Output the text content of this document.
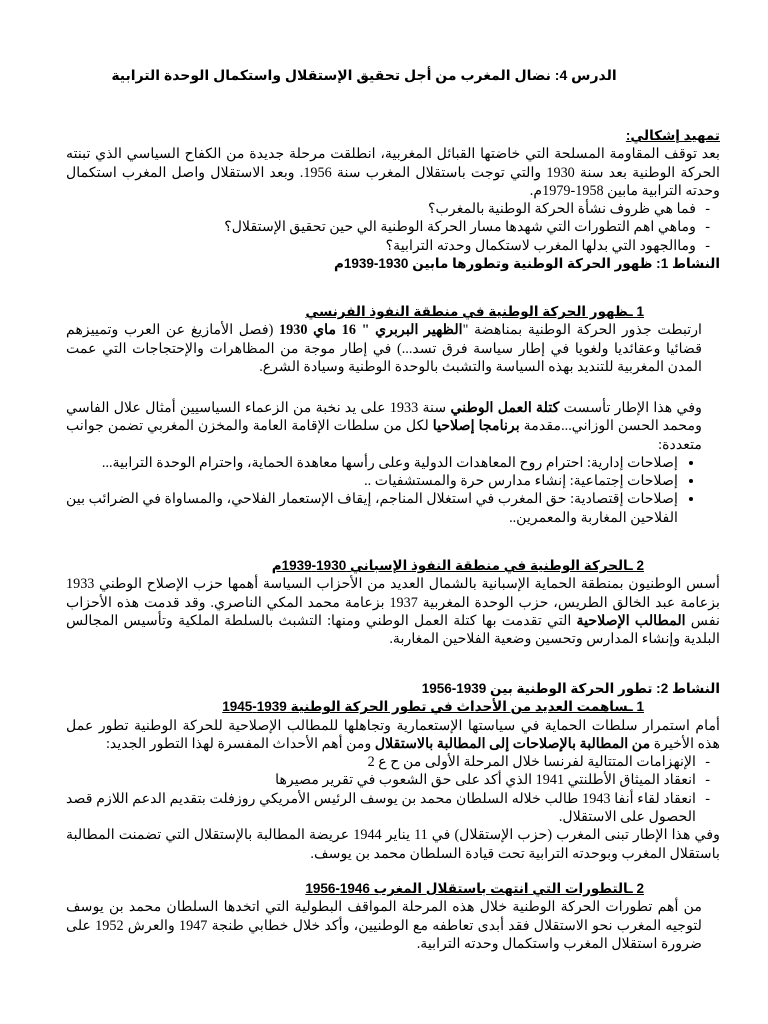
الدرس 4: نضال المغرب من أجل تحقيق الإستقلال واستكمال الوحدة الترابية

تمهيد إشكالي:

بعد توقف المقاومة المسلحة التي خاضتها القبائل المغربية، انطلقت مرحلة جديدة من الكفاح السياسي الذي تبنته الحركة الوطنية بعد سنة 1930 والتي توجت باستقلال المغرب سنة 1956. وبعد الاستقلال واصل المغرب استكمال وحدته الترابية مابين 1958-1979م.

- فما هي ظروف نشأة الحركة الوطنية بالمغرب؟
- وماهي اهم التطورات التي شهدها مسار الحركة الوطنية الي حين تحقيق الإستقلال؟
- وماالجهود التي بدلها المغرب لاستكمال وحدته الترابية؟

النشاط 1: ظهور الحركة الوطنية وتطورها مابين 1930-1939م

1 ـظهور الحركة الوطنية في منطقة النفوذ الفرنسي

ارتبطت جذور الحركة الوطنية بمناهضة "الظهير البربري " 16 ماي 1930 (فصل الأمازيغ عن العرب وتمييزهم قضائيا وعقائديا ولغويا في إطار سياسة فرق تسد...) في إطار موجة من المظاهرات والإحتجاجات التي عمت المدن المغربية للتنديد بهذه السياسة والتشبث بالوحدة الوطنية وسيادة الشرع.

وفي هذا الإطار تأسست كتلة العمل الوطني سنة 1933 على يد نخبة من الزعماء السياسيين أمثال علال الفاسي ومحمد الحسن الوزاني...مقدمة برنامجا إصلاحيا لكل من سلطات الإقامة العامة والمخزن المغربي تضمن جوانب متعددة:

• إصلاحات إدارية: احترام روح المعاهدات الدولية وعلى رأسها معاهدة الحماية، واحترام الوحدة الترابية...
• إصلاحات إجتماعية: إنشاء مدارس حرة والمستشفيات ..
• إصلاحات إقتصادية: حق المغرب في استغلال المناجم، إيقاف الإستعمار الفلاحي، والمساواة في الضرائب بين الفلاحين المغاربة والمعمرين..

2 ـالحركة الوطنية في منطقة النفوذ الإسباني 1930-1939م

أسس الوطنيون بمنطقة الحماية الإسبانية بالشمال العديد من الأحزاب السياسة أهمها حزب الإصلاح الوطني 1933 بزعامة عبد الخالق الطريس، حزب الوحدة المغربية 1937 بزعامة محمد المكي الناصري. وقد قدمت هذه الأحزاب نفس المطالب الإصلاحية التي تقدمت بها كتلة العمل الوطني ومنها: التشبث بالسلطة الملكية وتأسيس المجالس البلدية وإنشاء المدارس وتحسين وضعية الفلاحين المغاربة.

النشاط 2: تطور الحركة الوطنية بين 1939-1956

1 ـساهمت العديد من الأحداث في تطور الحركة الوطنية 1939-1945

أمام استمرار سلطات الحماية في سياستها الإستعمارية وتجاهلها للمطالب الإصلاحية للحركة الوطنية تطور عمل هذه الأخيرة من المطالبة بالإصلاحات إلى المطالبة بالاستقلال ومن أهم الأحداث المفسرة لهذا التطور الجديد:

- الإنهزامات المتتالية لفرنسا خلال المرحلة الأولى من ح ع 2
- انعقاد الميثاق الأطلنتي 1941 الذي أكد على حق الشعوب في تقرير مصيرها
- انعقاد لقاء أنفا 1943 طالب خلاله السلطان محمد بن يوسف الرئيس الأمريكي روزفلت بتقديم الدعم اللازم قصد الحصول على الاستقلال.

وفي هذا الإطار تبنى المغرب (حزب الإستقلال) في 11 يناير 1944 عريضة المطالبة بالإستقلال التي تضمنت المطالبة باستقلال المغرب وبوحدته الترابية تحت قيادة السلطان محمد بن يوسف.

2 ـالتطورات التي انتهت باستقلال المغرب 1946-1956

من أهم تطورات الحركة الوطنية خلال هذه المرحلة المواقف البطولية التي اتخدها السلطان محمد بن يوسف لتوجيه المغرب نحو الاستقلال فقد أبدى تعاطفه مع الوطنيين، وأكد خلال خطابي طنجة 1947 والعرش 1952 على ضرورة استقلال المغرب واستكمال وحدته الترابية.
